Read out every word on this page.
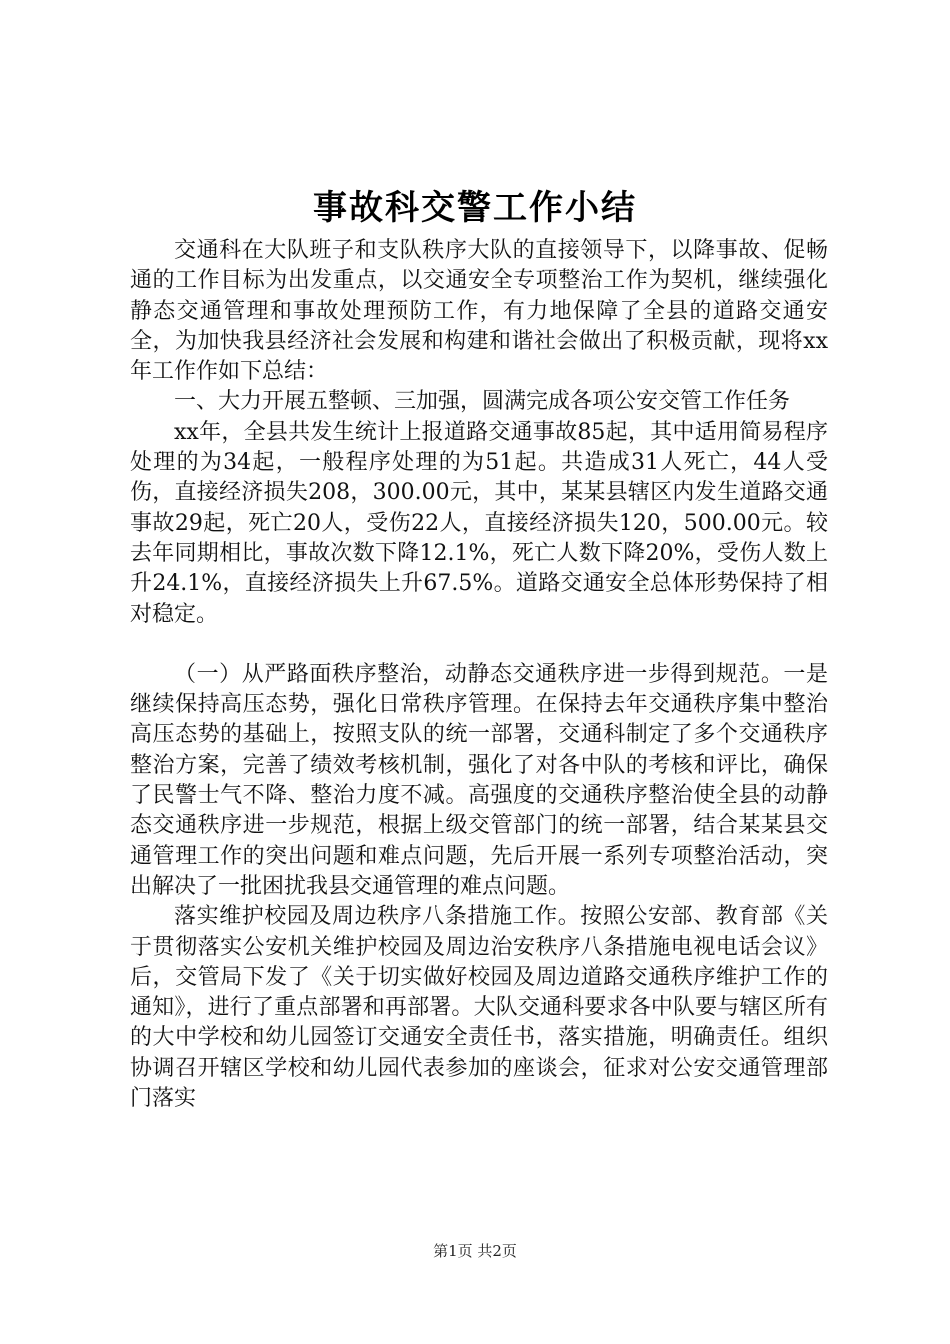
事故科交警工作小结

交通科在大队班子和支队秩序大队的直接领导下，以降事故、促畅通的工作目标为出发重点，以交通安全专项整治工作为契机，继续强化静态交通管理和事故处理预防工作，有力地保障了全县的道路交通安全，为加快我县经济社会发展和构建和谐社会做出了积极贡献，现将xx年工作作如下总结：

一、大力开展五整顿、三加强，圆满完成各项公安交管工作任务

xx年，全县共发生统计上报道路交通事故85起，其中适用简易程序处理的为34起，一般程序处理的为51起。共造成31人死亡，44人受伤，直接经济损失208，300.00元，其中，某某县辖区内发生道路交通事故29起，死亡20人，受伤22人，直接经济损失120，500.00元。较去年同期相比，事故次数下降12.1%，死亡人数下降20%，受伤人数上升24.1%，直接经济损失上升67.5%。道路交通安全总体形势保持了相对稳定。

（一）从严路面秩序整治，动静态交通秩序进一步得到规范。一是继续保持高压态势，强化日常秩序管理。在保持去年交通秩序集中整治高压态势的基础上，按照支队的统一部署，交通科制定了多个交通秩序整治方案，完善了绩效考核机制，强化了对各中队的考核和评比，确保了民警士气不降、整治力度不减。高强度的交通秩序整治使全县的动静态交通秩序进一步规范，根据上级交管部门的统一部署，结合某某县交通管理工作的突出问题和难点问题，先后开展一系列专项整治活动，突出解决了一批困扰我县交通管理的难点问题。

落实维护校园及周边秩序八条措施工作。按照公安部、教育部《关于贯彻落实公安机关维护校园及周边治安秩序八条措施电视电话会议》后，交管局下发了《关于切实做好校园及周边道路交通秩序维护工作的通知》，进行了重点部署和再部署。大队交通科要求各中队要与辖区所有的大中学校和幼儿园签订交通安全责任书，落实措施，明确责任。组织协调召开辖区学校和幼儿园代表参加的座谈会，征求对公安交通管理部门落实

第1页 共2页
